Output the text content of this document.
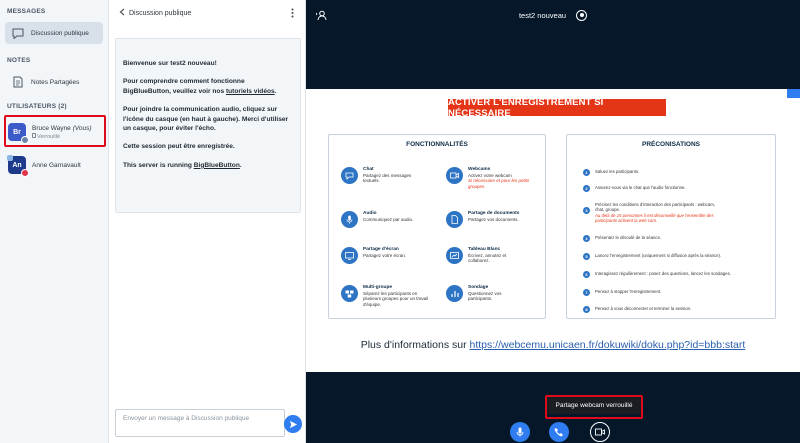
MESSAGES
Discussion publique
NOTES
Notes Partagées
UTILISATEURS (2)
Br
Bruce Wayne (Vous)
Verrouillé
An Anne Garnavault
Discussion publique

Bienvenue sur test2 nouveau!

Pour comprendre comment fonctionne BigBlueButton, veuillez voir nos tutoriels vidéos.

Pour joindre la communication audio, cliquez sur l'icône du casque (en haut à gauche). Merci d'utiliser un casque, pour éviter l'écho.

Cette session peut être enregistrée.

This server is running BigBlueButton.

Envoyer un message à Discussion publique
test2 nouveau
ACTIVER L'ENREGISTREMENT SI NÉCESSAIRE
FONCTIONNALITÉS
Chat
Partagez des messages textuels.
Webcams
Activez votre webcam
Si nécessaire et pour les petits groupes.
Audio
Communiquez par audio.
Partage de documents
Partagez vos documents.
Partage d'écran
Partagez votre écran.
Tableau Blanc
Écrivez, annotez et collaborez.
Multi-groupe
Séparez les participants en plusieurs groupes pour un travail d'équipe.
Sondage
Questionnez vos participants.
PRÉCONISATIONS
1	Saluez les participants.
2	Assurez-vous via le chat que l'audio fonctionne.
3
Précisez les conditions d'interaction des participants : webcam, chat, groupe.
Au delà de 15 personnes il est déconseillé que l'ensemble des participants activent la web cam.
4	Présentez le déroulé de la séance.
5	Lancez l'enregistrement (uniquement si diffusion après la séance).
6	Interagissez régulièrement : posez des questions, lancez les sondages.
7	Pensez à stopper l'enregistrement.
8	Pensez à vous déconnecter et terminer la session.
Plus d'informations sur https://webcemu.unicaen.fr/dokuwiki/doku.php?id=bbb:start
Partage webcam verrouillé
